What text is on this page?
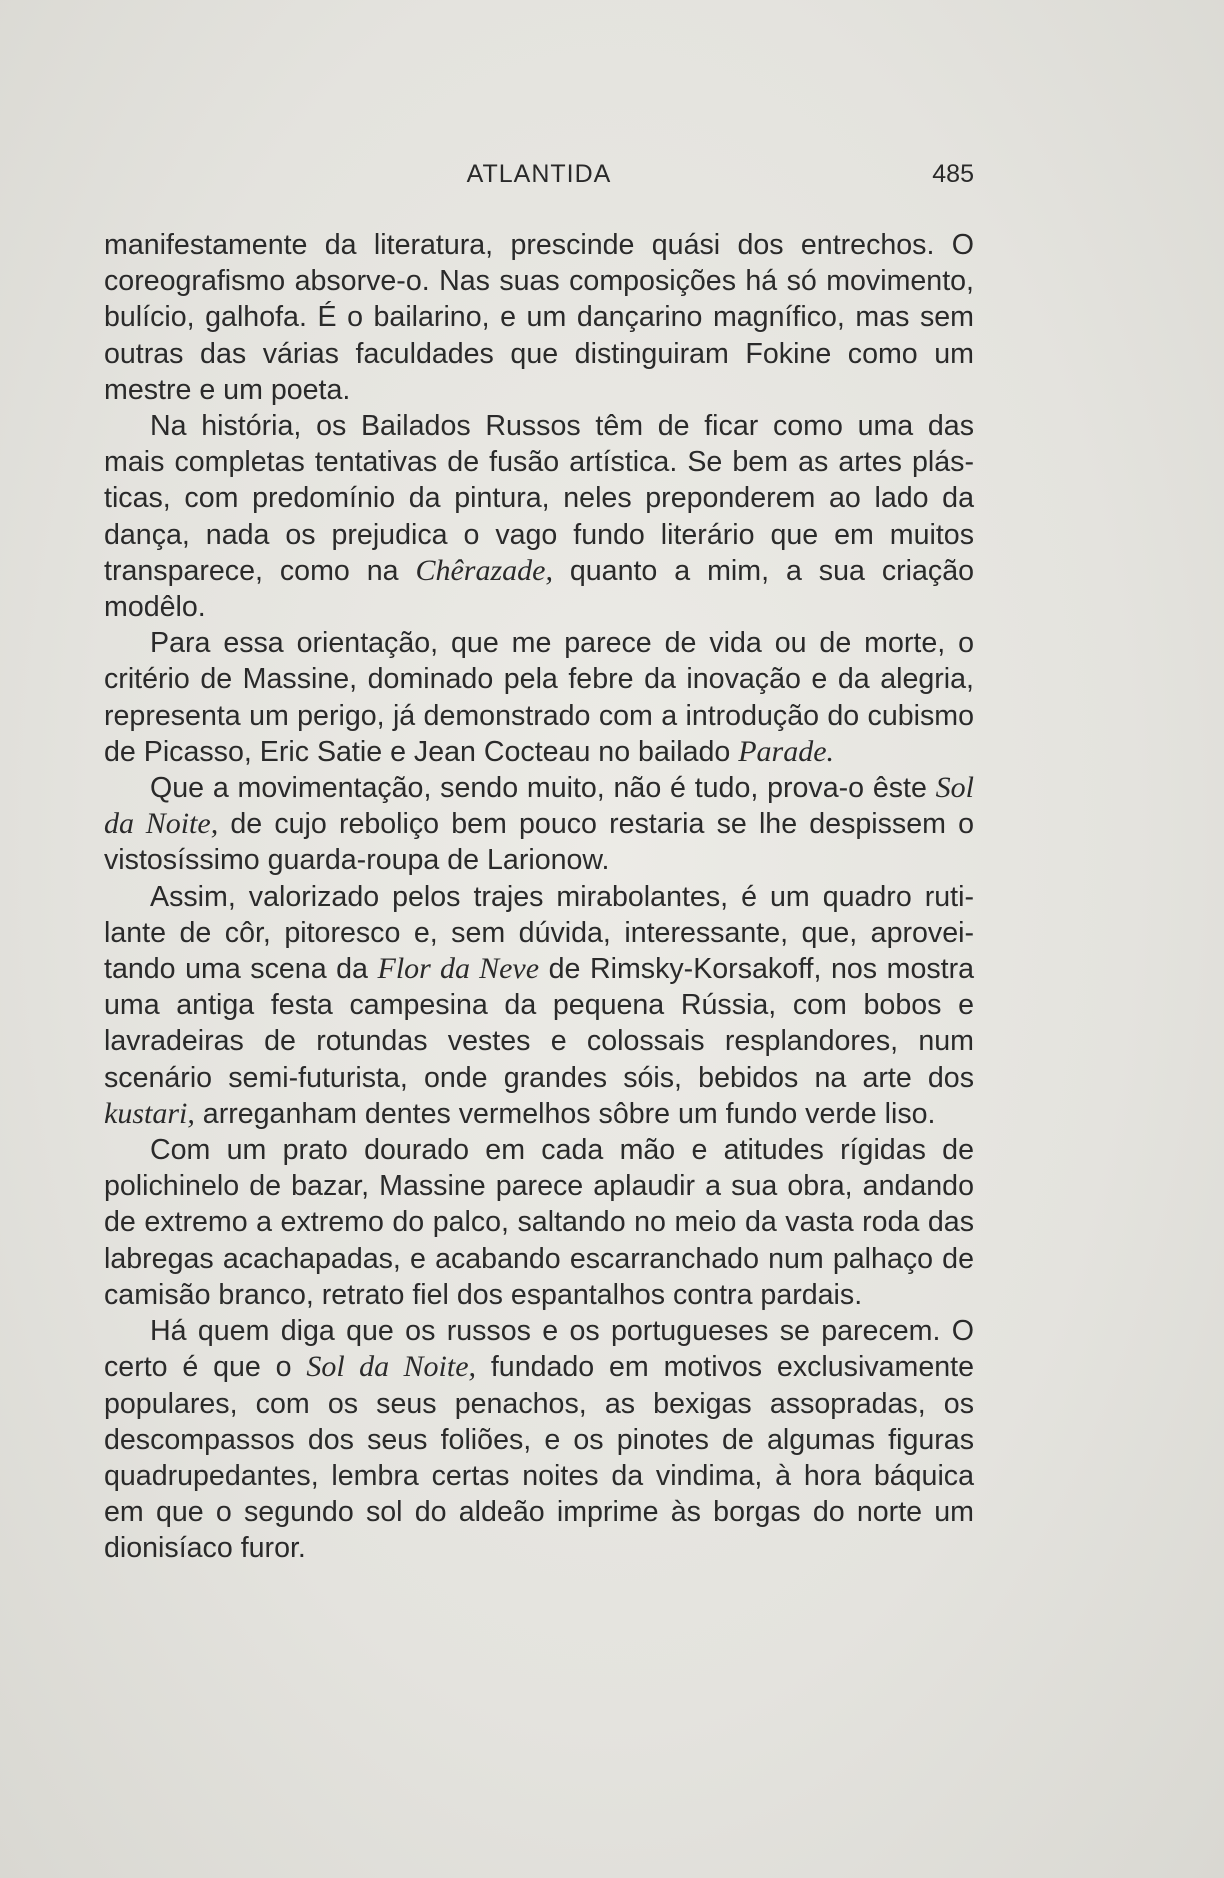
ATLANTIDA	485

manifestamente da literatura, prescinde quási dos entrechos. O coreografismo absorve-o. Nas suas composições há só movimento, bulício, galhofa. É o bailarino, e um dançarino magnífico, mas sem outras das várias faculdades que distinguiram Fokine como um mestre e um poeta.

Na história, os Bailados Russos têm de ficar como uma das mais completas tentativas de fusão artística. Se bem as artes plásticas, com predomínio da pintura, neles preponderem ao lado da dança, nada os prejudica o vago fundo literário que em muitos transparece, como na Chêrazade, quanto a mim, a sua criação modêlo.

Para essa orientação, que me parece de vida ou de morte, o critério de Massine, dominado pela febre da inovação e da alegria, representa um perigo, já demonstrado com a introdução do cubismo de Picasso, Eric Satie e Jean Cocteau no bailado Parade.

Que a movimentação, sendo muito, não é tudo, prova-o êste Sol da Noite, de cujo reboliço bem pouco restaria se lhe despissem o vistosíssimo guarda-roupa de Larionow.

Assim, valorizado pelos trajes mirabolantes, é um quadro rutilante de côr, pitoresco e, sem dúvida, interessante, que, aproveitando uma scena da Flor da Neve de Rimsky-Korsakoff, nos mostra uma antiga festa campesina da pequena Rússia, com bobos e lavradeiras de rotundas vestes e colossais resplandores, num scenário semi-futurista, onde grandes sóis, bebidos na arte dos kustari, arreganham dentes vermelhos sôbre um fundo verde liso.

Com um prato dourado em cada mão e atitudes rígidas de polichinelo de bazar, Massine parece aplaudir a sua obra, andando de extremo a extremo do palco, saltando no meio da vasta roda das labregas acachapadas, e acabando escarranchado num palhaço de camisão branco, retrato fiel dos espantalhos contra pardais.

Há quem diga que os russos e os portugueses se parecem. O certo é que o Sol da Noite, fundado em motivos exclusivamente populares, com os seus penachos, as bexigas assopradas, os descompassos dos seus foliões, e os pinotes de algumas figuras quadrupedantes, lembra certas noites da vindima, à hora báquica em que o segundo sol do aldeão imprime às borgas do norte um dionisíaco furor.
